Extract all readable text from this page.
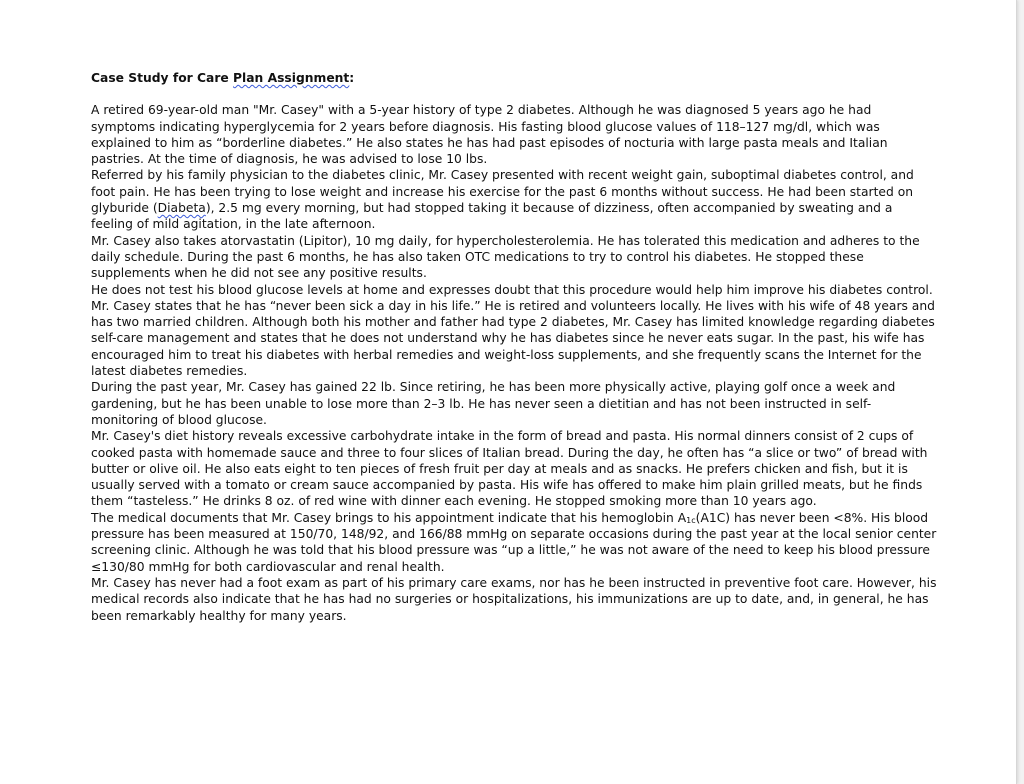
Case Study for Care Plan Assignment:

A retired 69-year-old man "Mr. Casey" with a 5-year history of type 2 diabetes. Although he was diagnosed 5 years ago he had symptoms indicating hyperglycemia for 2 years before diagnosis. His fasting blood glucose values of 118–127 mg/dl, which was explained to him as “borderline diabetes.” He also states he has had past episodes of nocturia with large pasta meals and Italian pastries. At the time of diagnosis, he was advised to lose 10 lbs.

Referred by his family physician to the diabetes clinic, Mr. Casey presented with recent weight gain, suboptimal diabetes control, and foot pain. He has been trying to lose weight and increase his exercise for the past 6 months without success. He had been started on glyburide (Diabeta), 2.5 mg every morning, but had stopped taking it because of dizziness, often accompanied by sweating and a feeling of mild agitation, in the late afternoon.

Mr. Casey also takes atorvastatin (Lipitor), 10 mg daily, for hypercholesterolemia. He has tolerated this medication and adheres to the daily schedule. During the past 6 months, he has also taken OTC medications to try to control his diabetes. He stopped these supplements when he did not see any positive results.

He does not test his blood glucose levels at home and expresses doubt that this procedure would help him improve his diabetes control.

Mr. Casey states that he has “never been sick a day in his life.” He is retired and volunteers locally. He lives with his wife of 48 years and has two married children. Although both his mother and father had type 2 diabetes, Mr. Casey has limited knowledge regarding diabetes self-care management and states that he does not understand why he has diabetes since he never eats sugar. In the past, his wife has encouraged him to treat his diabetes with herbal remedies and weight-loss supplements, and she frequently scans the Internet for the latest diabetes remedies.

During the past year, Mr. Casey has gained 22 lb. Since retiring, he has been more physically active, playing golf once a week and gardening, but he has been unable to lose more than 2–3 lb. He has never seen a dietitian and has not been instructed in self-monitoring of blood glucose.

Mr. Casey's diet history reveals excessive carbohydrate intake in the form of bread and pasta. His normal dinners consist of 2 cups of cooked pasta with homemade sauce and three to four slices of Italian bread. During the day, he often has “a slice or two” of bread with butter or olive oil. He also eats eight to ten pieces of fresh fruit per day at meals and as snacks. He prefers chicken and fish, but it is usually served with a tomato or cream sauce accompanied by pasta. His wife has offered to make him plain grilled meats, but he finds them “tasteless.” He drinks 8 oz. of red wine with dinner each evening. He stopped smoking more than 10 years ago.

The medical documents that Mr. Casey brings to his appointment indicate that his hemoglobin $A_{1c}(A1C)$ has never been <8%. His blood pressure has been measured at 150/70, 148/92, and 166/88 mmHg on separate occasions during the past year at the local senior center screening clinic. Although he was told that his blood pressure was “up a little,” he was not aware of the need to keep his blood pressure ≤130/80 mmHg for both cardiovascular and renal health.

Mr. Casey has never had a foot exam as part of his primary care exams, nor has he been instructed in preventive foot care. However, his medical records also indicate that he has had no surgeries or hospitalizations, his immunizations are up to date, and, in general, he has been remarkably healthy for many years.
